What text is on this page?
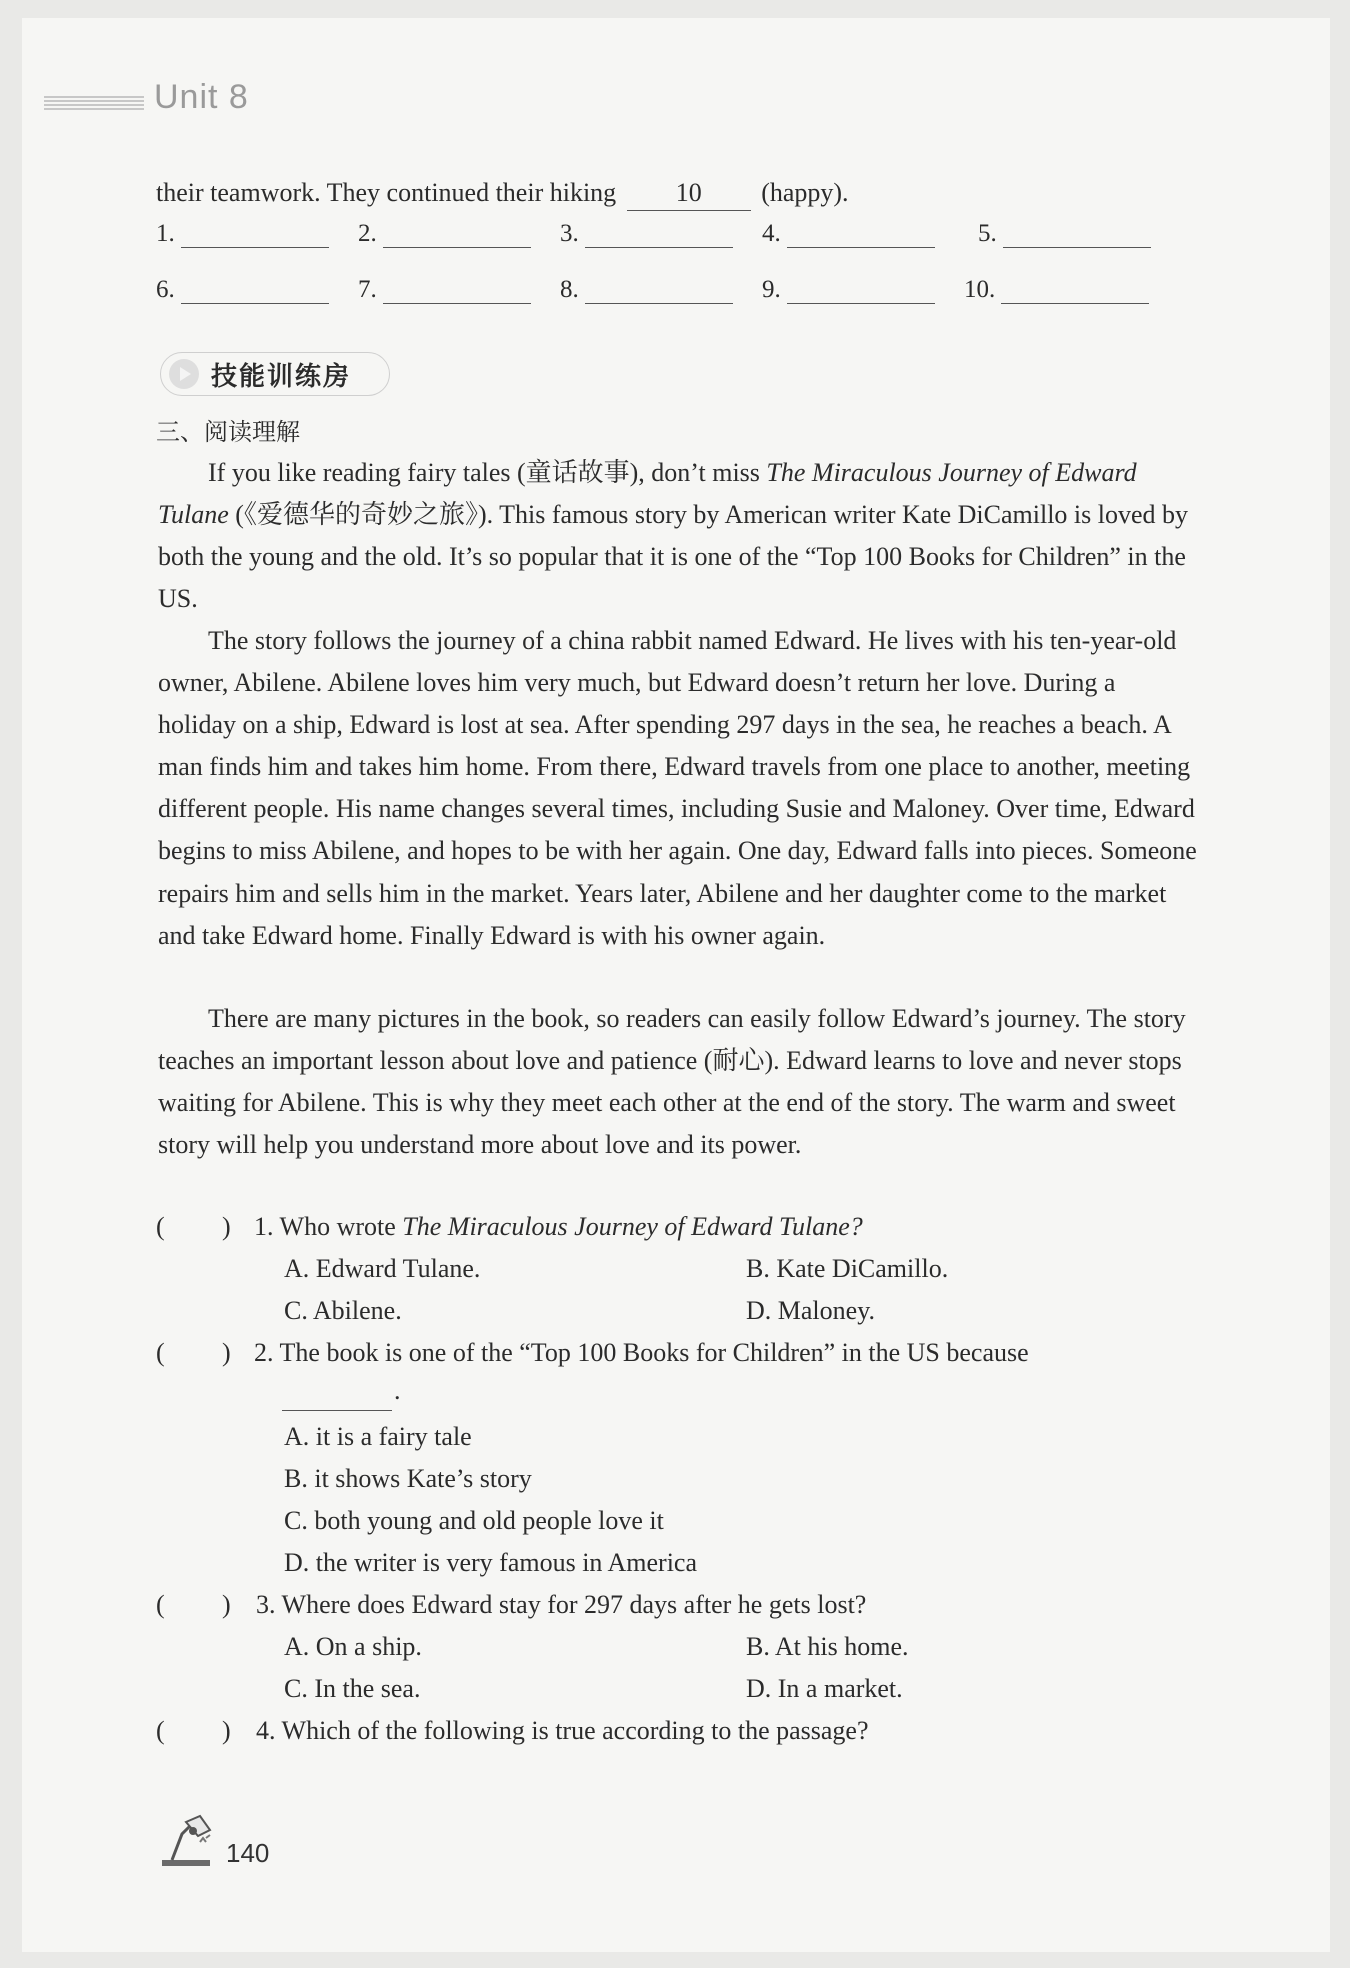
Unit 8
their teamwork. They continued their hiking 10 (happy).
1.	2.	3.	4.	5.
6.	7.	8.	9.	10.
技能训练房
三、阅读理解
If you like reading fairy tales (童话故事), don’t miss The Miraculous Journey of Edward Tulane (《爱德华的奇妙之旅》). This famous story by American writer Kate DiCamillo is loved by both the young and the old. It’s so popular that it is one of the “Top 100 Books for Children” in the US.
The story follows the journey of a china rabbit named Edward. He lives with his ten-year-old owner, Abilene. Abilene loves him very much, but Edward doesn’t return her love. During a holiday on a ship, Edward is lost at sea. After spending 297 days in the sea, he reaches a beach. A man finds him and takes him home. From there, Edward travels from one place to another, meeting different people. His name changes several times, including Susie and Maloney. Over time, Edward begins to miss Abilene, and hopes to be with her again. One day, Edward falls into pieces. Someone repairs him and sells him in the market. Years later, Abilene and her daughter come to the market and take Edward home. Finally Edward is with his owner again.
There are many pictures in the book, so readers can easily follow Edward’s journey. The story teaches an important lesson about love and patience (耐心). Edward learns to love and never stops waiting for Abilene. This is why they meet each other at the end of the story. The warm and sweet story will help you understand more about love and its power.
( ) 1. Who wrote The Miraculous Journey of Edward Tulane?
A. Edward Tulane.	B. Kate DiCamillo.
C. Abilene.	D. Maloney.
( ) 2. The book is one of the “Top 100 Books for Children” in the US because
.
A. it is a fairy tale
B. it shows Kate’s story
C. both young and old people love it
D. the writer is very famous in America
( ) 3. Where does Edward stay for 297 days after he gets lost?
A. On a ship.	B. At his home.
C. In the sea.	D. In a market.
( ) 4. Which of the following is true according to the passage?
140
